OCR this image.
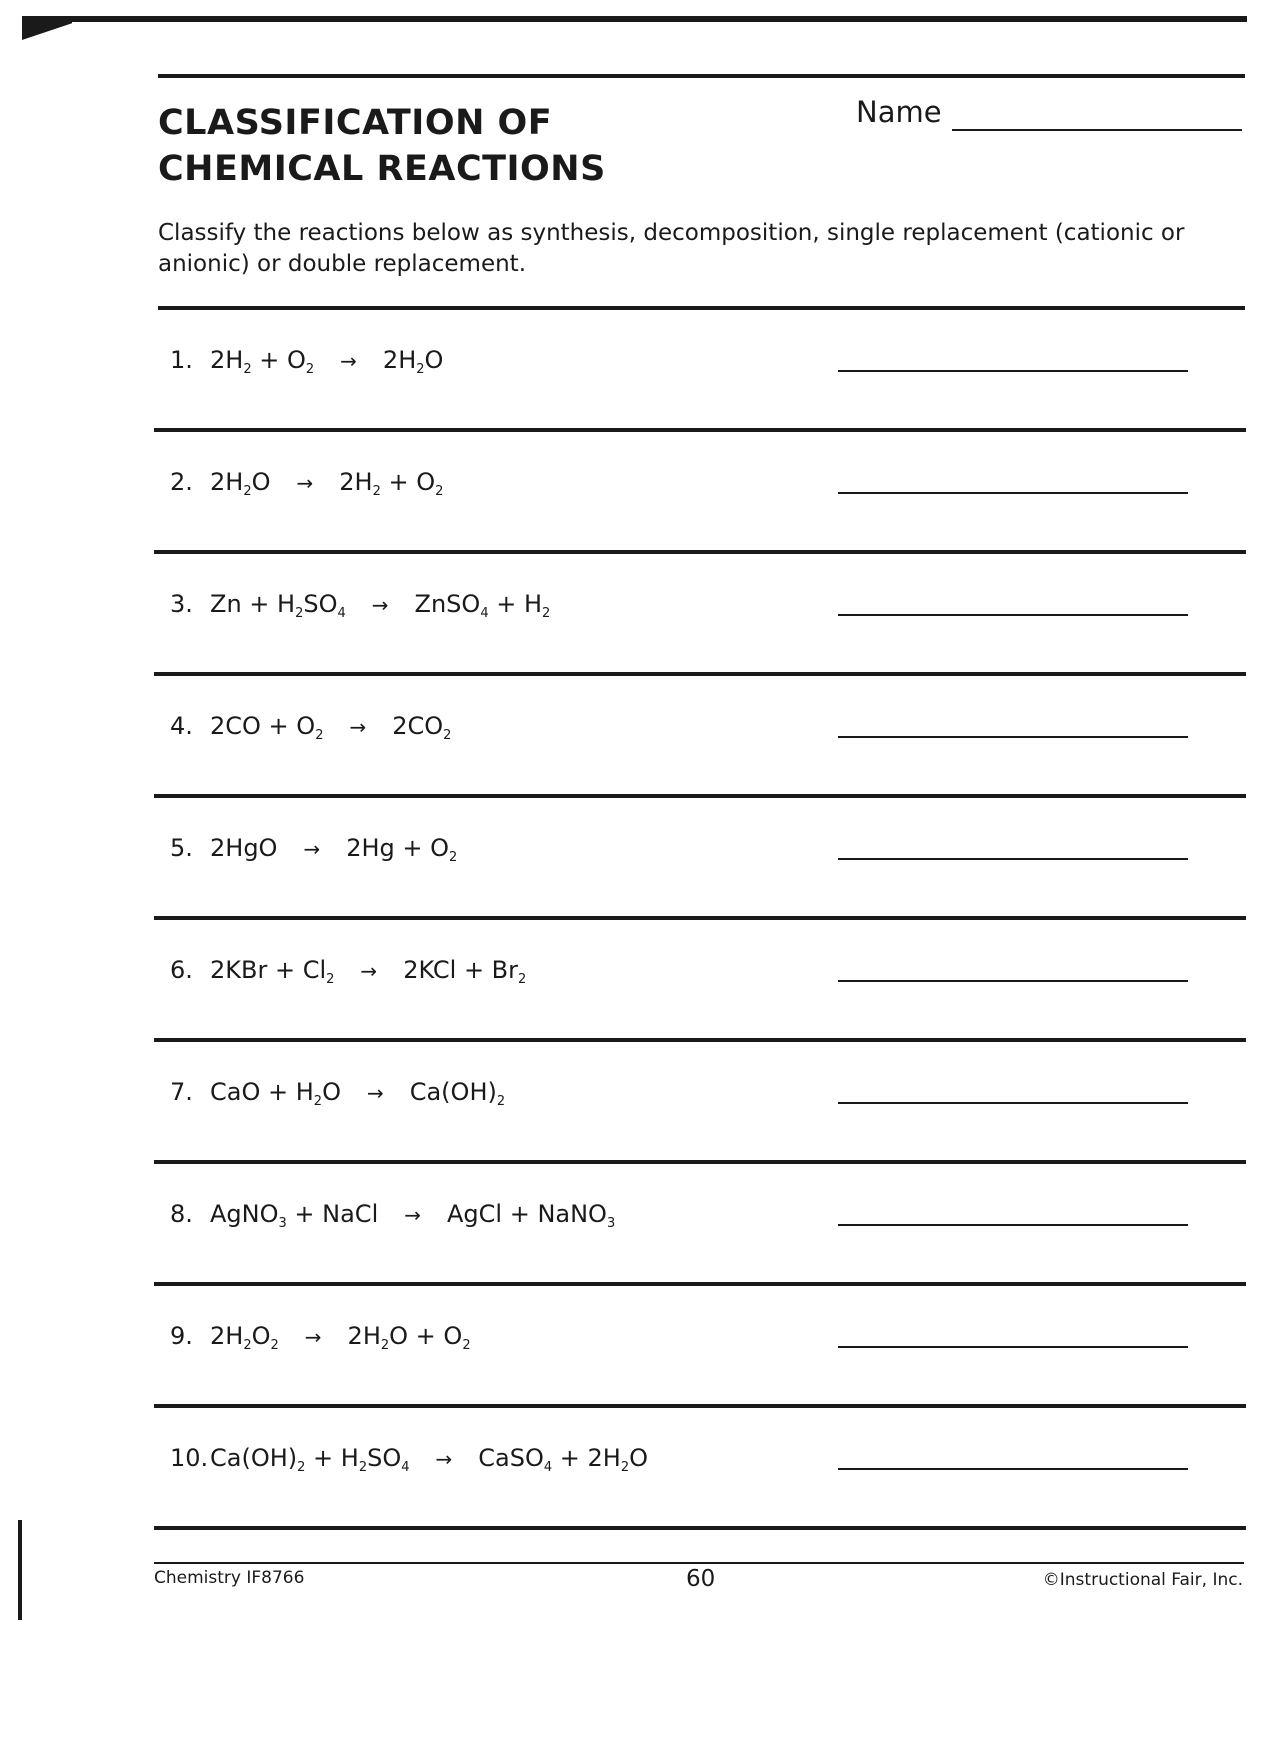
CLASSIFICATION OF
CHEMICAL REACTIONS
Name

Classify the reactions below as synthesis, decomposition, single replacement (cationic or anionic) or double replacement.

1. $2H_2 + O_2 \to 2H_2O$
2. $2H_2O \to 2H_2 + O_2$
3. $Zn + H_2SO_4$ → ZnSO$_4$ + $H_2$
4. $2CO + O_2 \to 2CO_2$
5. $2HgO \to 2Hg + O_2$
6. $2KBr + Cl_2 \to 2KCl + Br_2$
7. CaO + $H_2O \to Ca(OH)_2$
8. AgNO$_3$ + NaCl → AgCl + NaNO$_3$
9. $2H_2O_2 \to 2H_2O + O_2$
$10.Ca(OH)_2 + H_2SO_4$ → CaSO$_4$ + $2H_2O$
Chemistry IF8766	60	©Instructional Fair, Inc.
